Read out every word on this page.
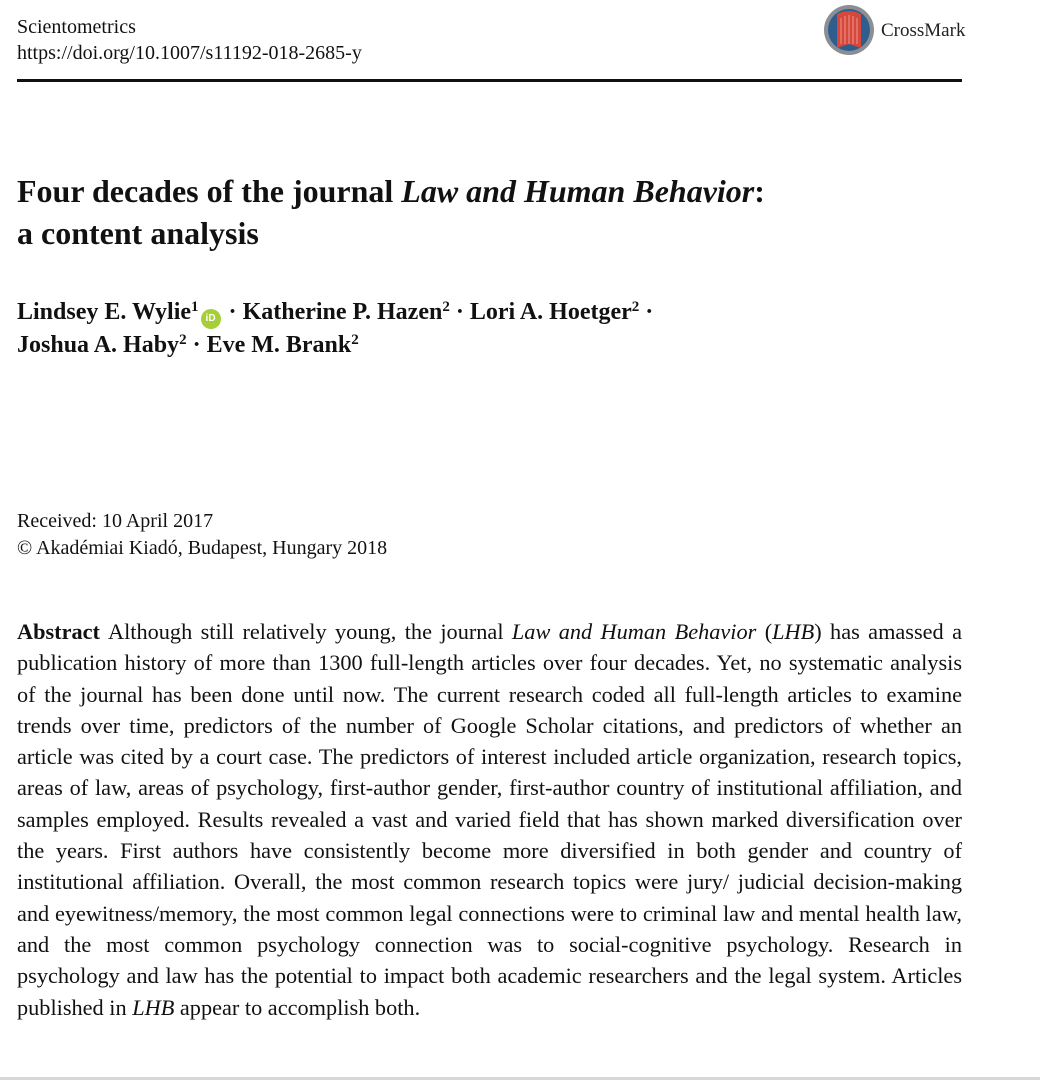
Scientometrics
https://doi.org/10.1007/s11192-018-2685-y
CrossMark
Four decades of the journal Law and Human Behavior:
a content analysis
Lindsey E. Wylie$^1$iD · Katherine P. Hazen$^2$ · Lori A. Hoetger$^2$ ·
Joshua A. Haby$^2$ · Eve M. Brank$^2$
Received: 10 April 2017
© Akadémiai Kiadó, Budapest, Hungary 2018

Abstract Although still relatively young, the journal Law and Human Behavior (LHB) has amassed a publication history of more than 1300 full-length articles over four decades. Yet, no systematic analysis of the journal has been done until now. The current research coded all full-length articles to examine trends over time, predictors of the number of Google Scholar citations, and predictors of whether an article was cited by a court case. The predictors of interest included article organization, research topics, areas of law, areas of psychology, first-author gender, first-author country of institutional affiliation, and samples employed. Results revealed a vast and varied field that has shown marked diversification over the years. First authors have consistently become more diversified in both gender and country of institutional affiliation. Overall, the most common research topics were jury/ judicial decision-making and eyewitness/memory, the most common legal connections were to criminal law and mental health law, and the most common psychology connection was to social-cognitive psychology. Research in psychology and law has the potential to impact both academic researchers and the legal system. Articles published in LHB appear to accomplish both.
